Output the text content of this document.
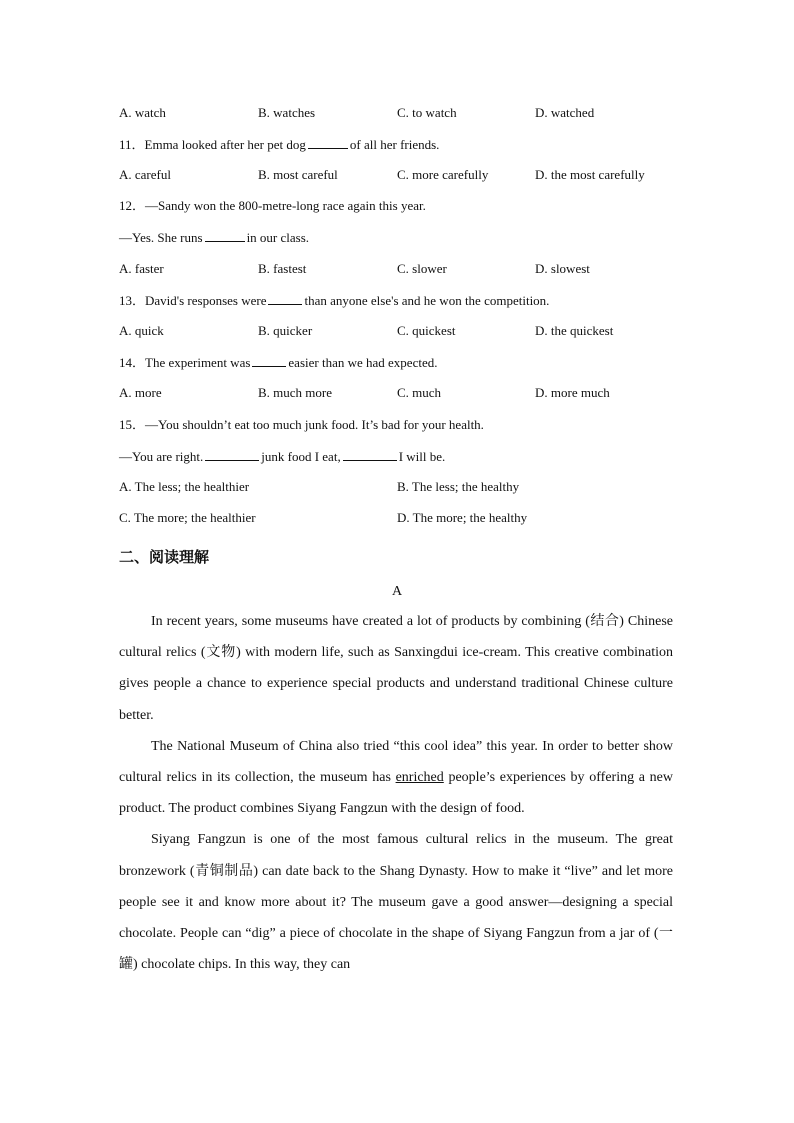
A. watch	B. watches	C. to watch	D. watched
11．Emma looked after her pet dog	of all her friends.
A. careful	B. most careful	C. more carefully	D. the most carefully
12．—Sandy won the 800-metre-long race again this year.
—Yes. She runs	in our class.
A. faster	B. fastest	C. slower	D. slowest
13．David's responses were	than anyone else's and he won the competition.
A. quick	B. quicker	C. quickest	D. the quickest
14．The experiment was	easier than we had expected.
A. more	B. much more	C. much	D. more much
15．—You shouldn’t eat too much junk food. It’s bad for your health.
—You are right.	junk food I eat,	I will be.
A. The less; the healthier	B. The less; the healthy
C. The more; the healthier	D. The more; the healthy
二、阅读理解
A

In recent years, some museums have created a lot of products by combining (结合) Chinese cultural relics (文物) with modern life, such as Sanxingdui ice-cream. This creative combination gives people a chance to experience special products and understand traditional Chinese culture better.

The National Museum of China also tried “this cool idea” this year. In order to better show cultural relics in its collection, the museum has enriched people’s experiences by offering a new product. The product combines Siyang Fangzun with the design of food.

Siyang Fangzun is one of the most famous cultural relics in the museum. The great bronzework (青铜制品) can date back to the Shang Dynasty. How to make it “live” and let more people see it and know more about it? The museum gave a good answer—designing a special chocolate. People can “dig” a piece of chocolate in the shape of Siyang Fangzun from a jar of (一罐) chocolate chips. In this way, they can
